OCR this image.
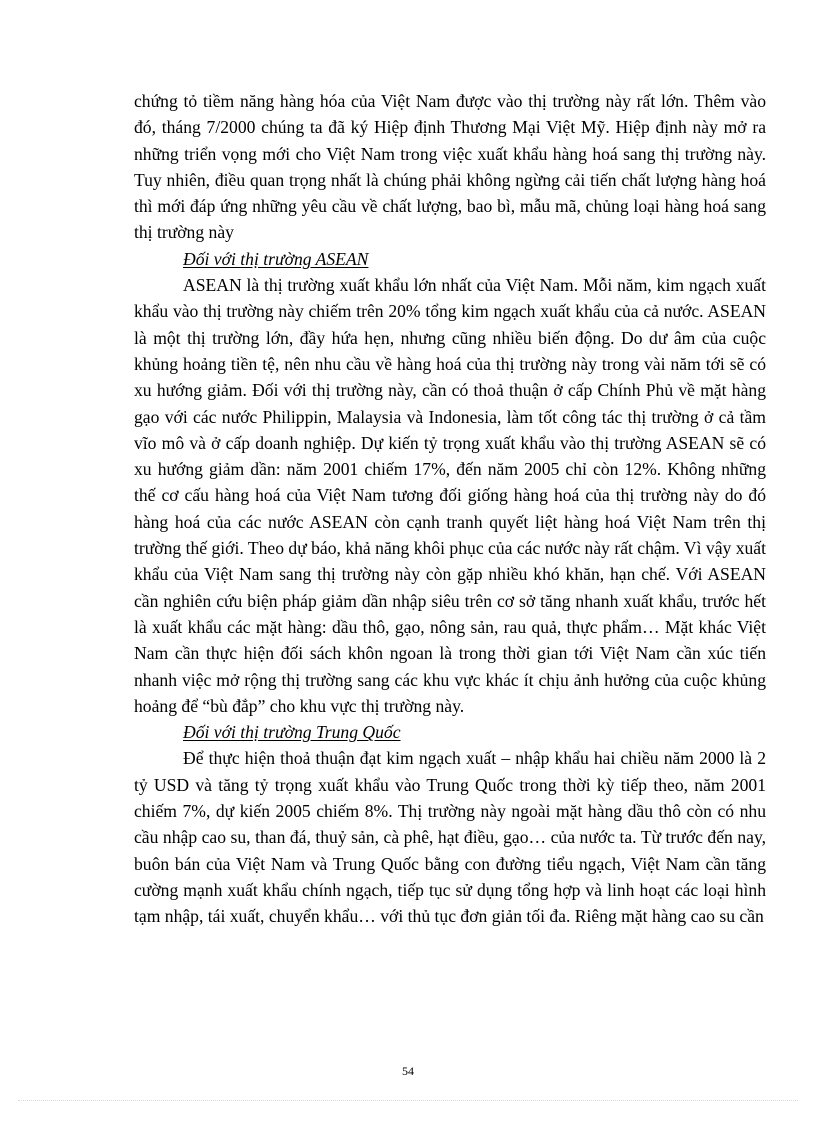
chứng tỏ tiềm năng hàng hóa của Việt Nam được vào thị trường này rất lớn. Thêm vào đó, tháng 7/2000 chúng ta đã ký Hiệp định Thương Mại Việt Mỹ. Hiệp định này mở ra những triển vọng mới cho Việt Nam trong việc xuất khẩu hàng hoá sang thị trường này. Tuy nhiên, điều quan trọng nhất là chúng phải không ngừng cải tiến chất lượng hàng hoá thì mới đáp ứng những yêu cầu về chất lượng, bao bì, mẫu mã, chủng loại hàng hoá sang thị trường này

Đối với thị trường ASEAN

ASEAN là thị trường xuất khẩu lớn nhất của Việt Nam. Mỗi năm, kim ngạch xuất khẩu vào thị trường này chiếm trên 20% tổng kim ngạch xuất khẩu của cả nước. ASEAN là một thị trường lớn, đầy hứa hẹn, nhưng cũng nhiều biến động. Do dư âm của cuộc khủng hoảng tiền tệ, nên nhu cầu về hàng hoá của thị trường này trong vài năm tới sẽ có xu hướng giảm. Đối với thị trường này, cần có thoả thuận ở cấp Chính Phủ về mặt hàng gạo với các nước Philippin, Malaysia và Indonesia, làm tốt công tác thị trường ở cả tầm vĩo mô và ở cấp doanh nghiệp. Dự kiến tỷ trọng xuất khẩu vào thị trường ASEAN sẽ có xu hướng giảm dần: năm 2001 chiếm 17%, đến năm 2005 chỉ còn 12%. Không những thế cơ cấu hàng hoá của Việt Nam tương đối giống hàng hoá của thị trường này do đó hàng hoá của các nước ASEAN còn cạnh tranh quyết liệt hàng hoá Việt Nam trên thị trường thế giới. Theo dự báo, khả năng khôi phục của các nước này rất chậm. Vì vậy xuất khẩu của Việt Nam sang thị trường này còn gặp nhiều khó khăn, hạn chế. Với ASEAN cần nghiên cứu biện pháp giảm dần nhập siêu trên cơ sở tăng nhanh xuất khẩu, trước hết là xuất khẩu các mặt hàng: dầu thô, gạo, nông sản, rau quả, thực phẩm… Mặt khác Việt Nam cần thực hiện đối sách khôn ngoan là trong thời gian tới Việt Nam cần xúc tiến nhanh việc mở rộng thị trường sang các khu vực khác ít chịu ảnh hưởng của cuộc khủng hoảng để “bù đắp” cho khu vực thị trường này.

Đối với thị trường Trung Quốc

Để thực hiện thoả thuận đạt kim ngạch xuất – nhập khẩu hai chiều năm 2000 là 2 tỷ USD và tăng tỷ trọng xuất khẩu vào Trung Quốc trong thời kỳ tiếp theo, năm 2001 chiếm 7%, dự kiến 2005 chiếm 8%. Thị trường này ngoài mặt hàng dầu thô còn có nhu cầu nhập cao su, than đá, thuỷ sản, cà phê, hạt điều, gạo… của nước ta. Từ trước đến nay, buôn bán của Việt Nam và Trung Quốc bằng con đường tiểu ngạch, Việt Nam cần tăng cường mạnh xuất khẩu chính ngạch, tiếp tục sử dụng tổng hợp và linh hoạt các loại hình tạm nhập, tái xuất, chuyển khẩu… với thủ tục đơn giản tối đa. Riêng mặt hàng cao su cần

54
